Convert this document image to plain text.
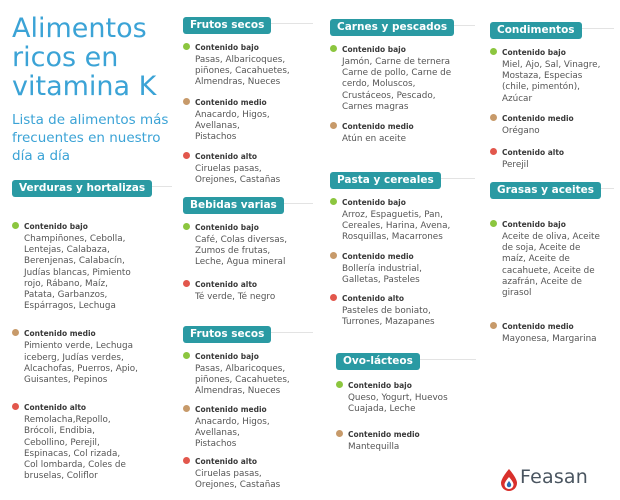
Alimentos ricos en vitamina K
Lista de alimentos más frecuentes en nuestro día a día
Verduras y hortalizas
Contenido bajo
Champiñones, Cebolla, Lentejas, Calabaza, Berenjenas, Calabacín, Judías blancas, Pimiento rojo, Rábano, Maíz, Patata, Garbanzos, Espárragos, Lechuga
Contenido medio
Pimiento verde, Lechuga iceberg, Judías verdes, Alcachofas, Puerros, Apio, Guisantes, Pepinos
Contenido alto
Remolacha,Repollo, Brócoli, Endibia, Cebollino, Perejil, Espinacas, Col rizada, Col lombarda, Coles de bruselas, Coliflor
Frutos secos
Contenido bajo
Pasas, Albaricoques, piñones, Cacahuetes, Almendras, Nueces
Contenido medio
Anacardo, Higos, Avellanas, Pistachos
Contenido alto
Ciruelas pasas, Orejones, Castañas
Bebidas varias
Contenido bajo
Café, Colas diversas, Zumos de frutas, Leche, Agua mineral
Contenido alto
Té verde, Té negro
Frutos secos
Contenido bajo
Pasas, Albaricoques, piñones, Cacahuetes, Almendras, Nueces
Contenido medio
Anacardo, Higos, Avellanas, Pistachos
Contenido alto
Ciruelas pasas, Orejones, Castañas
Carnes y pescados
Contenido bajo
Jamón, Carne de ternera Carne de pollo, Carne de cerdo, Moluscos, Crustáceos, Pescado, Carnes magras
Contenido medio
Atún en aceite
Pasta y cereales
Contenido bajo
Arroz, Espaguetis, Pan, Cereales, Harina, Avena, Rosquillas, Macarrones
Contenido medio
Bollería industrial, Galletas, Pasteles
Contenido alto
Pasteles de boniato, Turrones, Mazapanes
Ovo-lácteos
Contenido bajo
Queso, Yogurt, Huevos Cuajada, Leche
Contenido medio
Mantequilla
Condimentos
Contenido bajo
Miel, Ajo, Sal, Vinagre, Mostaza, Especias (chile, pimentón), Azúcar
Contenido medio
Orégano
Contenido alto
Perejil
Grasas y aceites
Contenido bajo
Aceite de oliva, Aceite de soja, Aceite de maíz, Aceite de cacahuete, Aceite de azafrán, Aceite de girasol
Contenido medio
Mayonesa, Margarina
Feasan
